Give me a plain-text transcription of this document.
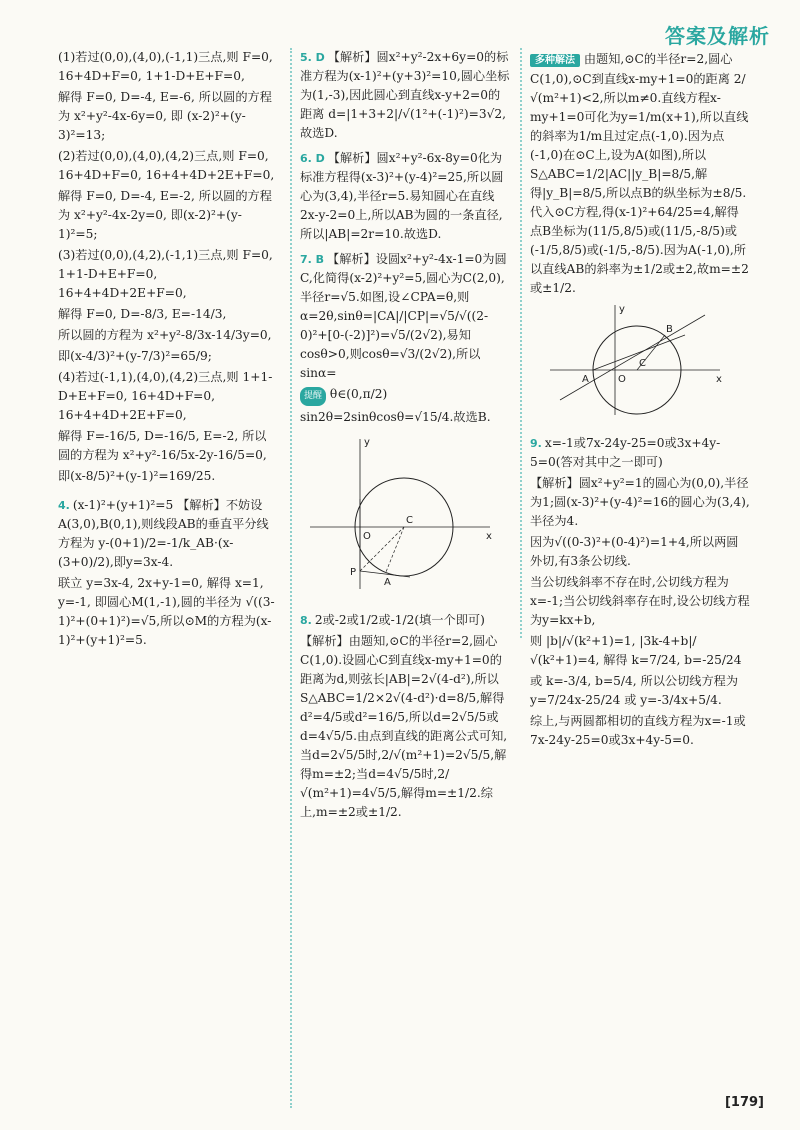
答案及解析

(1)若过(0,0),(4,0),(-1,1)三点,则 F=0, 16+4D+F=0, 1+1-D+E+F=0,

解得 F=0, D=-4, E=-6, 所以圆的方程为 x²+y²-4x-6y=0, 即 (x-2)²+(y-3)²=13;

(2)若过(0,0),(4,0),(4,2)三点,则 F=0, 16+4D+F=0, 16+4+4D+2E+F=0,

解得 F=0, D=-4, E=-2, 所以圆的方程为 x²+y²-4x-2y=0, 即(x-2)²+(y-1)²=5;

(3)若过(0,0),(4,2),(-1,1)三点,则 F=0, 1+1-D+E+F=0, 16+4+4D+2E+F=0,

解得 F=0, D=-8/3, E=-14/3,

所以圆的方程为 x²+y²-8/3x-14/3y=0,

即(x-4/3)²+(y-7/3)²=65/9;

(4)若过(-1,1),(4,0),(4,2)三点,则 1+1-D+E+F=0, 16+4D+F=0, 16+4+4D+2E+F=0,

解得 F=-16/5, D=-16/5, E=-2, 所以圆的方程为 x²+y²-16/5x-2y-16/5=0,

即(x-8/5)²+(y-1)²=169/25.

4. (x-1)²+(y+1)²=5 【解析】不妨设A(3,0),B(0,1),则线段AB的垂直平分线方程为 y-(0+1)/2=-1/k_AB·(x-(3+0)/2),即y=3x-4.

联立 y=3x-4, 2x+y-1=0, 解得 x=1, y=-1, 即圆心M(1,-1),圆的半径为 √((3-1)²+(0+1)²)=√5,所以⊙M的方程为(x-1)²+(y+1)²=5.

5. D 【解析】圆x²+y²-2x+6y=0的标准方程为(x-1)²+(y+3)²=10,圆心坐标为(1,-3),因此圆心到直线x-y+2=0的距离 d=|1+3+2|/√(1²+(-1)²)=3√2,故选D.

6. D 【解析】圆x²+y²-6x-8y=0化为标准方程得(x-3)²+(y-4)²=25,所以圆心为(3,4),半径r=5.易知圆心在直线2x-y-2=0上,所以AB为圆的一条直径,所以|AB|=2r=10.故选D.

7. B 【解析】设圆x²+y²-4x-1=0为圆C,化简得(x-2)²+y²=5,圆心为C(2,0),半径r=√5.如图,设∠CPA=θ,则α=2θ,sinθ=|CA|/|CP|=√5/√((2-0)²+[0-(-2)]²)=√5/(2√2),易知cosθ>0,则cosθ=√3/(2√2),所以sinα=

提醒 θ∈(0,π/2)

sin2θ=2sinθcosθ=√15/4.故选B.

x
y
O
C
A
P

8. 2或-2或1/2或-1/2(填一个即可)

【解析】由题知,⊙C的半径r=2,圆心C(1,0).设圆心C到直线x-my+1=0的距离为d,则弦长|AB|=2√(4-d²),所以S△ABC=1/2×2√(4-d²)·d=8/5,解得d²=4/5或d²=16/5,所以d=2√5/5或d=4√5/5.由点到直线的距离公式可知,当d=2√5/5时,2/√(m²+1)=2√5/5,解得m=±2;当d=4√5/5时,2/√(m²+1)=4√5/5,解得m=±1/2.综上,m=±2或±1/2.

多种解法 由题知,⊙C的半径r=2,圆心C(1,0),⊙C到直线x-my+1=0的距离 2/√(m²+1)<2,所以m≠0.直线方程x-my+1=0可化为y=1/m(x+1),所以直线的斜率为1/m且过定点(-1,0).因为点(-1,0)在⊙C上,设为A(如图),所以S△ABC=1/2|AC||y_B|=8/5,解得|y_B|=8/5,所以点B的纵坐标为±8/5.代入⊙C方程,得(x-1)²+64/25=4,解得点B坐标为(11/5,8/5)或(11/5,-8/5)或(-1/5,8/5)或(-1/5,-8/5).因为A(-1,0),所以直线AB的斜率为±1/2或±2,故m=±2或±1/2.

x
y
A
B
C
O

9. x=-1或7x-24y-25=0或3x+4y-5=0(答对其中之一即可)

【解析】圆x²+y²=1的圆心为(0,0),半径为1;圆(x-3)²+(y-4)²=16的圆心为(3,4),半径为4.

因为√((0-3)²+(0-4)²)=1+4,所以两圆外切,有3条公切线.

当公切线斜率不存在时,公切线方程为x=-1;当公切线斜率存在时,设公切线方程为y=kx+b,

则 |b|/√(k²+1)=1, |3k-4+b|/√(k²+1)=4, 解得 k=7/24, b=-25/24

或 k=-3/4, b=5/4, 所以公切线方程为 y=7/24x-25/24 或 y=-3/4x+5/4.

综上,与两圆都相切的直线方程为x=-1或7x-24y-25=0或3x+4y-5=0.

[179]
